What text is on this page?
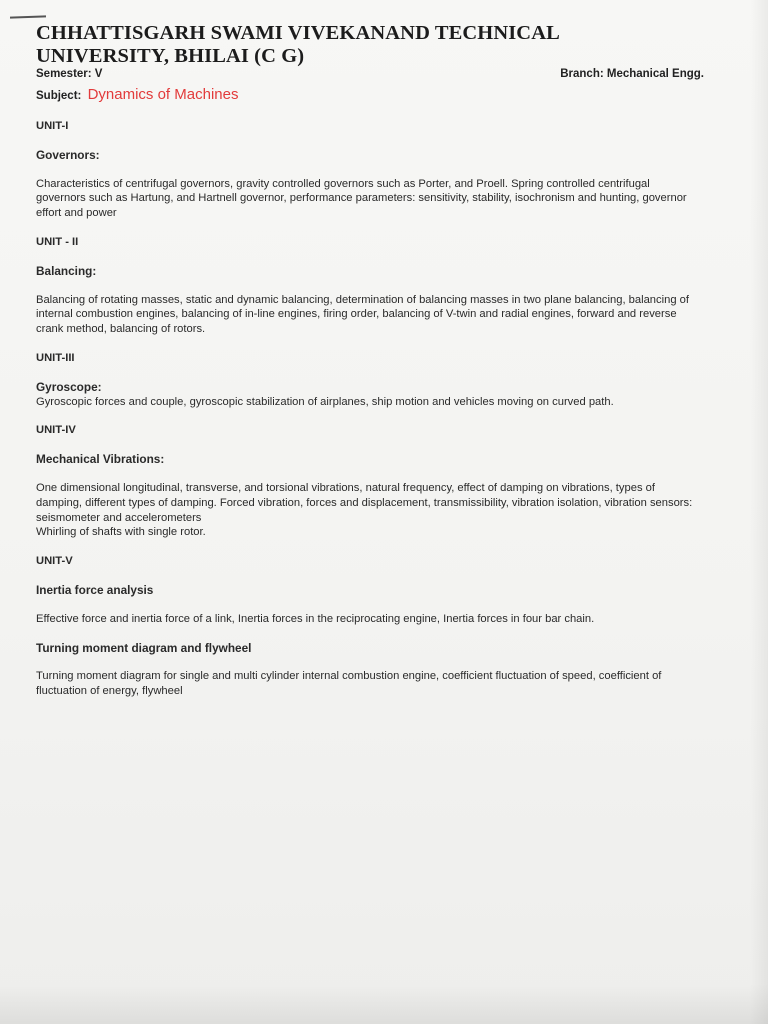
CHHATTISGARH SWAMI VIVEKANAND TECHNICAL
UNIVERSITY, BHILAI (C G)
Semester: V	Branch: Mechanical Engg.
Subject: Dynamics of Machines
UNIT-I
Governors:
Characteristics of centrifugal governors, gravity controlled governors such as Porter, and Proell. Spring controlled centrifugal governors such as Hartung, and Hartnell governor, performance parameters: sensitivity, stability, isochronism and hunting, governor effort and power
UNIT - II
Balancing:
Balancing of rotating masses, static and dynamic balancing, determination of balancing masses in two plane balancing, balancing of internal combustion engines, balancing of in-line engines, firing order, balancing of V-twin and radial engines, forward and reverse crank method, balancing of rotors.
UNIT-III
Gyroscope:
Gyroscopic forces and couple, gyroscopic stabilization of airplanes, ship motion and vehicles moving on curved path.
UNIT-IV
Mechanical Vibrations:
One dimensional longitudinal, transverse, and torsional vibrations, natural frequency, effect of damping on vibrations, types of damping, different types of damping. Forced vibration, forces and displacement, transmissibility, vibration isolation, vibration sensors: seismometer and accelerometers
Whirling of shafts with single rotor.
UNIT-V
Inertia force analysis
Effective force and inertia force of a link, Inertia forces in the reciprocating engine, Inertia forces in four bar chain.
Turning moment diagram and flywheel
Turning moment diagram for single and multi cylinder internal combustion engine, coefficient fluctuation of speed, coefficient of fluctuation of energy, flywheel
